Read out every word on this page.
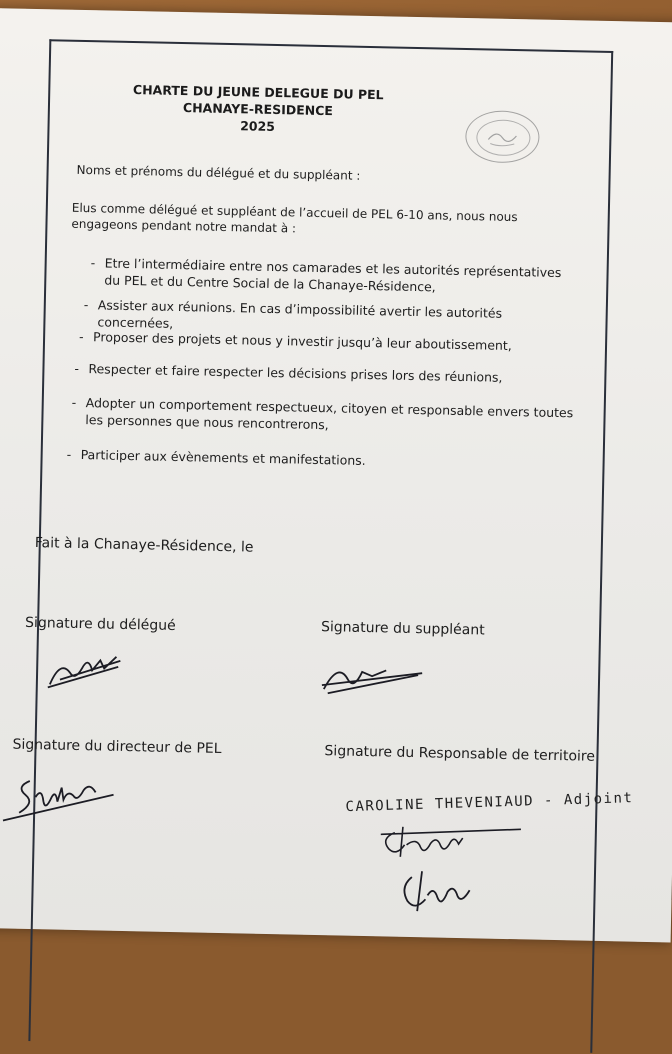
CHARTE DU JEUNE DELEGUE DU PEL
CHANAYE-RESIDENCE
2025
Noms et prénoms du délégué et du suppléant :
Elus comme délégué et suppléant de l’accueil de PEL 6-10 ans, nous nous engageons pendant notre mandat à :
- Etre l’intermédiaire entre nos camarades et les autorités représentatives du PEL et du Centre Social de la Chanaye-Résidence,
- Assister aux réunions. En cas d’impossibilité avertir les autorités concernées,
- Proposer des projets et nous y investir jusqu’à leur aboutissement,
- Respecter et faire respecter les décisions prises lors des réunions,
- Adopter un comportement respectueux, citoyen et responsable envers toutes les personnes que nous rencontrerons,
- Participer aux évènements et manifestations.
Fait à la Chanaye-Résidence, le
Signature du délégué	Signature du suppléant
Signature du directeur de PEL	Signature du Responsable de territoire
CAROLINE THEVENIAUD - Adjoint
